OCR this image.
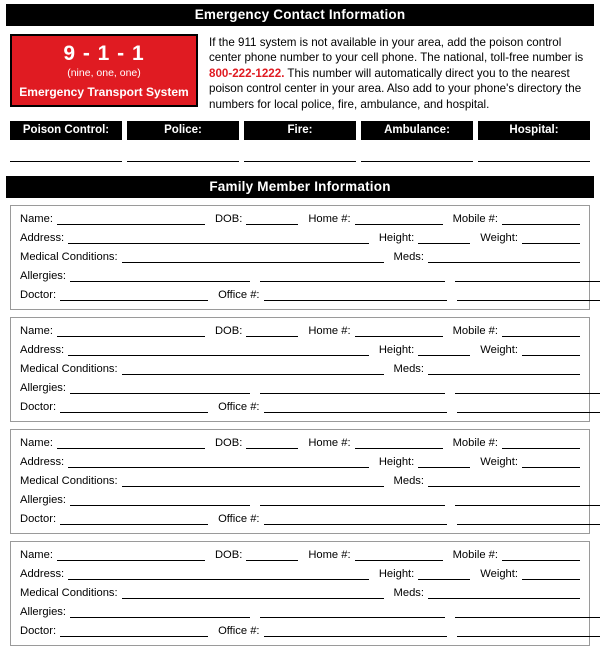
Emergency Contact Information
9 - 1 - 1
(nine, one, one)
Emergency Transport System
If the 911 system is not available in your area, add the poison control center phone number to your cell phone. The national, toll-free number is 800-222-1222. This number will automatically direct you to the nearest poison control center in your area. Also add to your phone's directory the numbers for local police, fire, ambulance, and hospital.
Poison Control:	Police:	Fire:	Ambulance:	Hospital:
Family Member Information
Name:	DOB:	Home #:	Mobile #:
Address:	Height:	Weight:
Medical Conditions:	Meds:
Allergies:
Doctor:	Office #:
Name:	DOB:	Home #:	Mobile #:
Address:	Height:	Weight:
Medical Conditions:	Meds:
Allergies:
Doctor:	Office #:
Name:	DOB:	Home #:	Mobile #:
Address:	Height:	Weight:
Medical Conditions:	Meds:
Allergies:
Doctor:	Office #:
Name:	DOB:	Home #:	Mobile #:
Address:	Height:	Weight:
Medical Conditions:	Meds:
Allergies:
Doctor:	Office #:
